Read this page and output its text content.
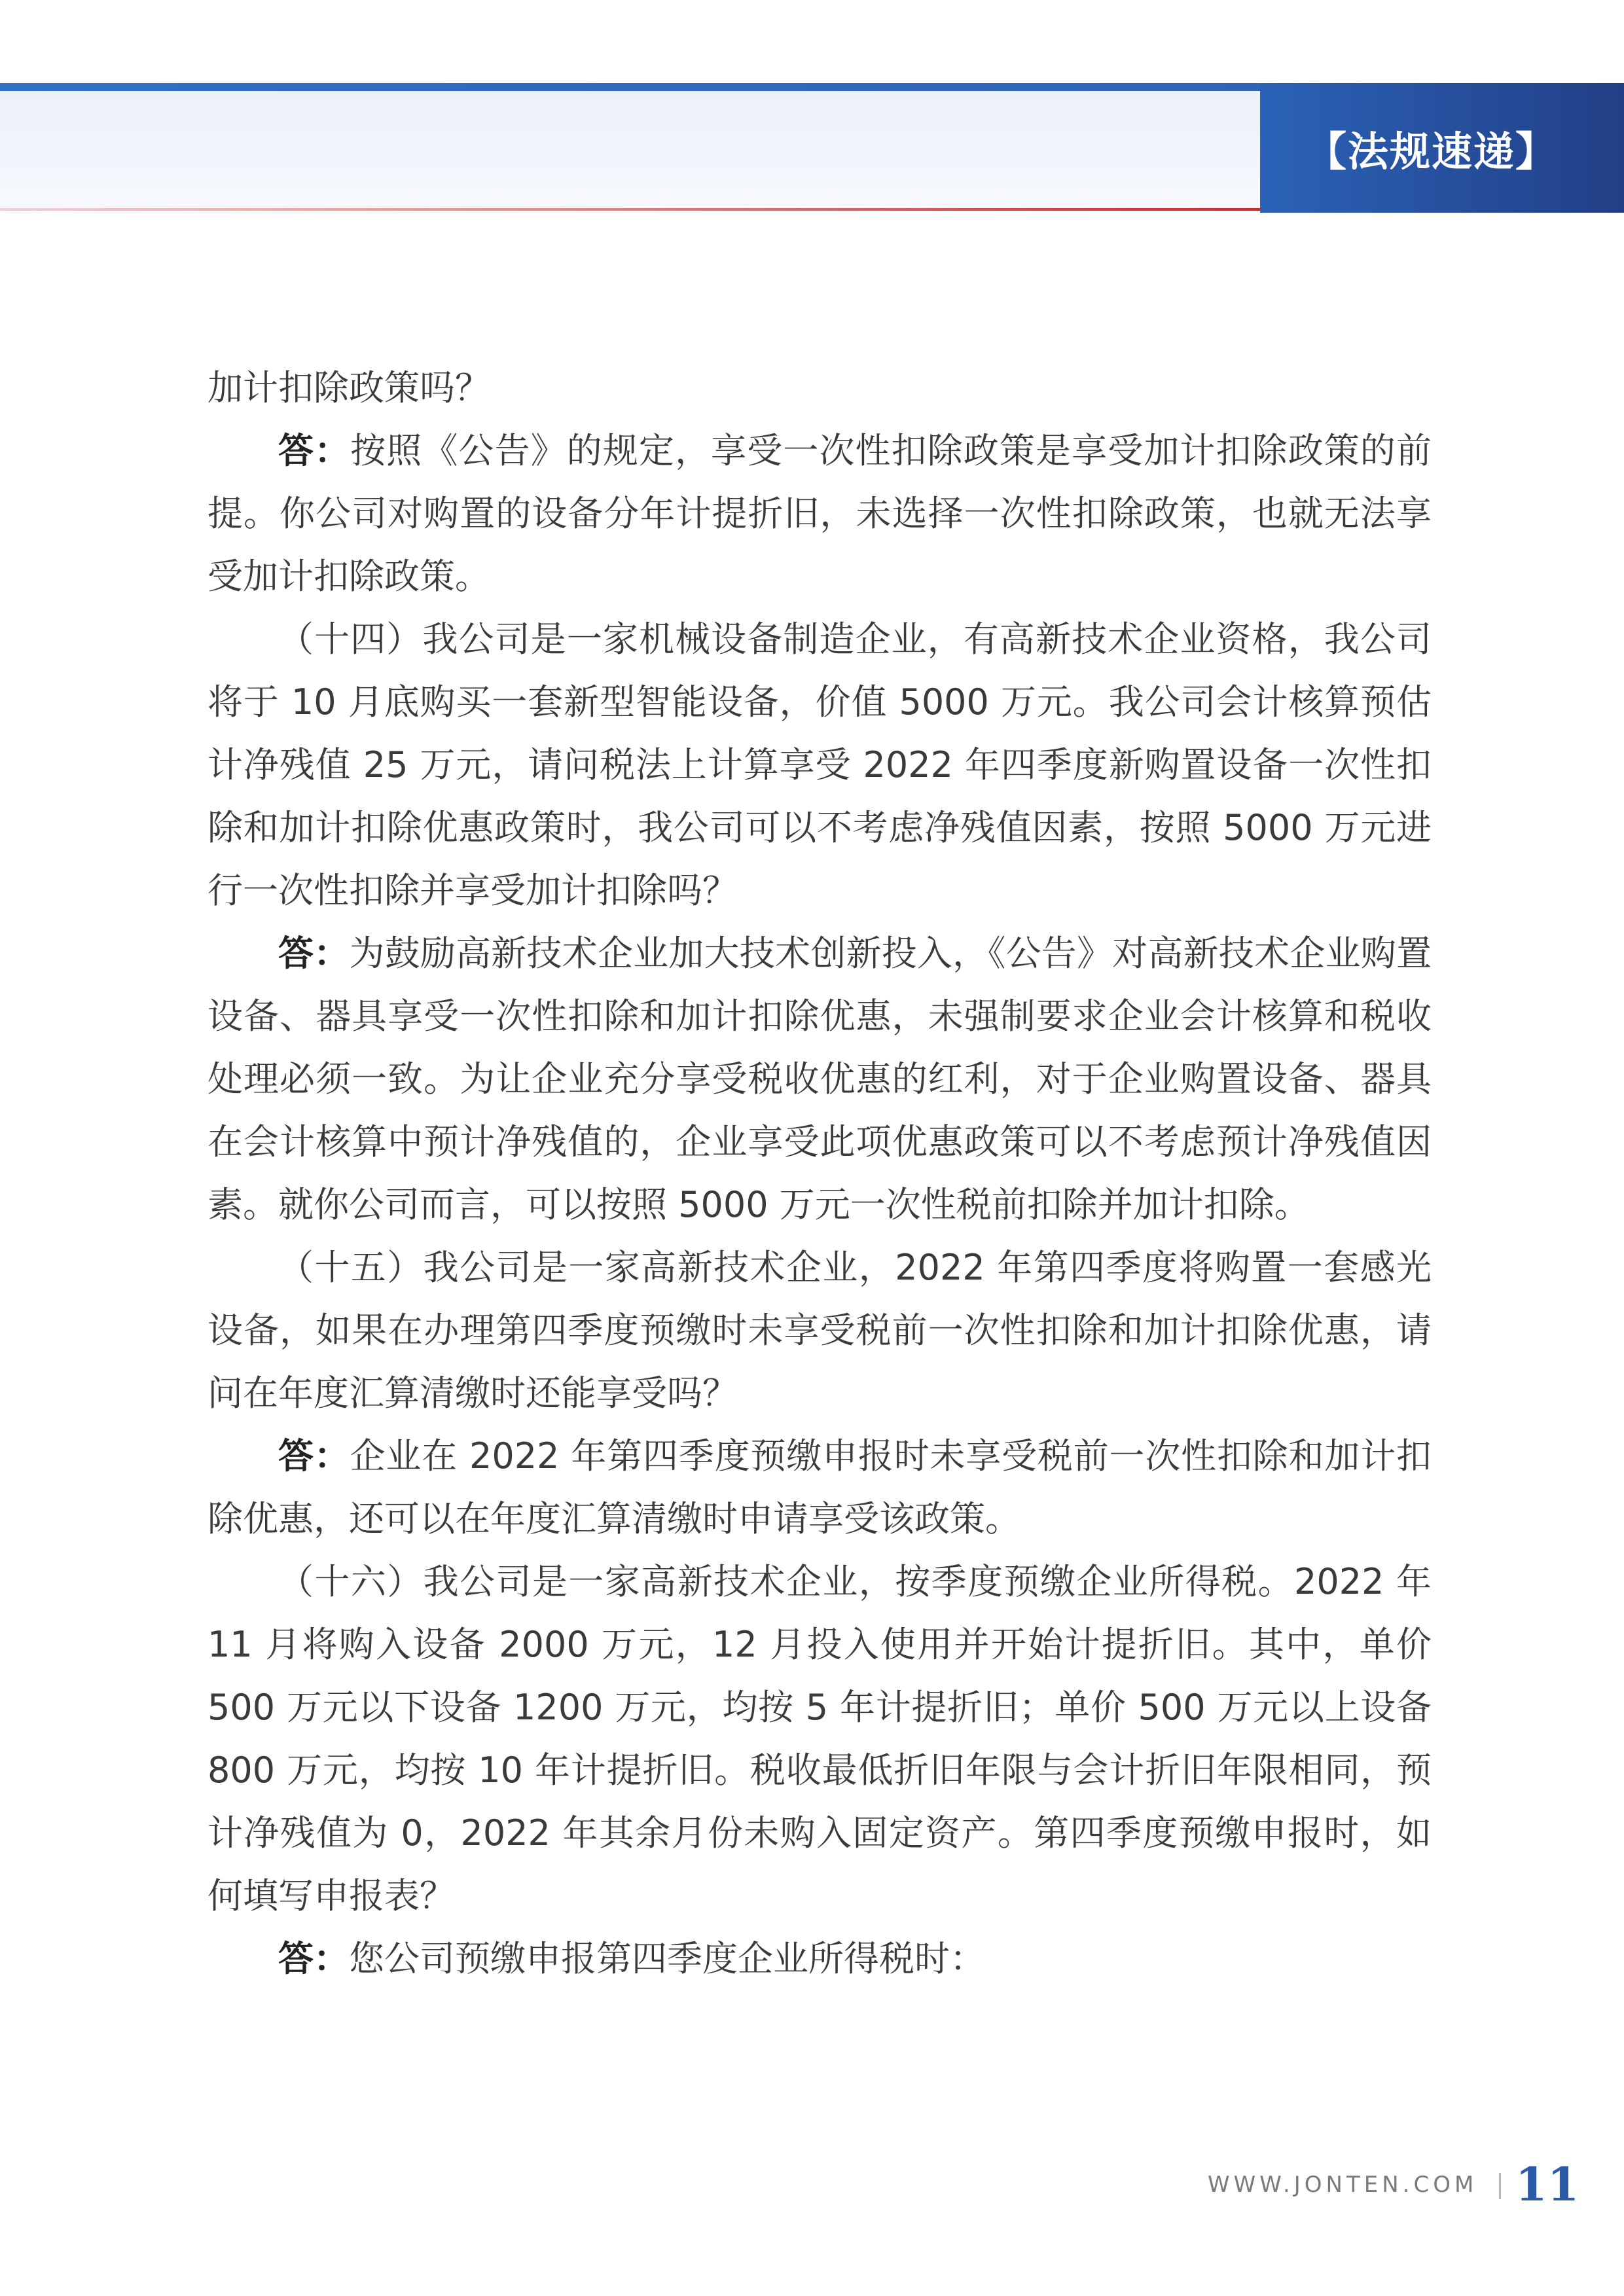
【法规速递】

加计扣除政策吗？

答：按照《公告》的规定，享受一次性扣除政策是享受加计扣除政策的前提。你公司对购置的设备分年计提折旧，未选择一次性扣除政策，也就无法享受加计扣除政策。

（十四）我公司是一家机械设备制造企业，有高新技术企业资格，我公司将于 10 月底购买一套新型智能设备，价值 5000 万元。我公司会计核算预估计净残值 25 万元，请问税法上计算享受 2022 年四季度新购置设备一次性扣除和加计扣除优惠政策时，我公司可以不考虑净残值因素，按照 5000 万元进行一次性扣除并享受加计扣除吗？

答：为鼓励高新技术企业加大技术创新投入，《公告》对高新技术企业购置设备、器具享受一次性扣除和加计扣除优惠，未强制要求企业会计核算和税收处理必须一致。为让企业充分享受税收优惠的红利，对于企业购置设备、器具在会计核算中预计净残值的，企业享受此项优惠政策可以不考虑预计净残值因素。就你公司而言，可以按照 5000 万元一次性税前扣除并加计扣除。

（十五）我公司是一家高新技术企业，2022 年第四季度将购置一套感光设备，如果在办理第四季度预缴时未享受税前一次性扣除和加计扣除优惠，请问在年度汇算清缴时还能享受吗？

答：企业在 2022 年第四季度预缴申报时未享受税前一次性扣除和加计扣除优惠，还可以在年度汇算清缴时申请享受该政策。

（十六）我公司是一家高新技术企业，按季度预缴企业所得税。2022 年 11 月将购入设备 2000 万元，12 月投入使用并开始计提折旧。其中，单价 500 万元以下设备 1200 万元，均按 5 年计提折旧；单价 500 万元以上设备 800 万元，均按 10 年计提折旧。税收最低折旧年限与会计折旧年限相同，预计净残值为 0，2022 年其余月份未购入固定资产。第四季度预缴申报时，如何填写申报表？

答：您公司预缴申报第四季度企业所得税时：

WWW.JONTEN.COM 11
